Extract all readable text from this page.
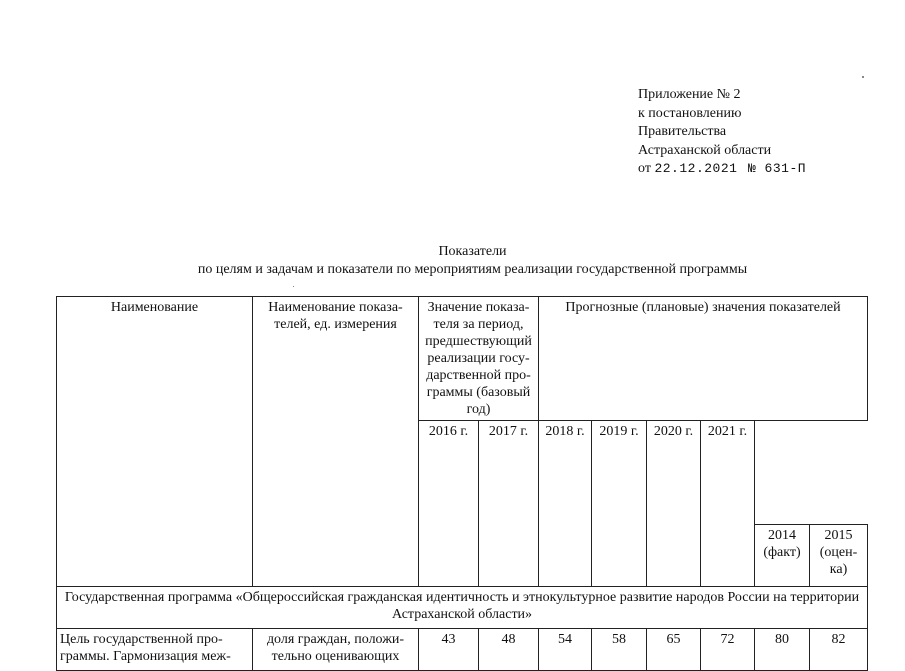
Приложение № 2
к постановлению
Правительства
Астраханской области
от 22.12.2021 № 631-П
Показатели
по целям и задачам и показатели по мероприятиям реализации государственной программы
Наименование	Наименование показа-телей, ед. измерения	Значение показа-теля за период, предшествующий реализации госу-дарственной про-граммы (базовый год)		Прогнозные (плановые) значения показателей					
		2016 г.	2017 г.	2018 г.	2019 г.	2020 г.	2021 г.		
								2014 (факт)	2015 (оцен-ка)
Государственная программа «Общероссийская гражданская идентичность и этнокультурное развитие народов России на территории Астраханской области»									
Цель государственной про-граммы. Гармонизация меж-	доля граждан, положи-тельно оценивающих	43	48	54	58	65	72	80	82
